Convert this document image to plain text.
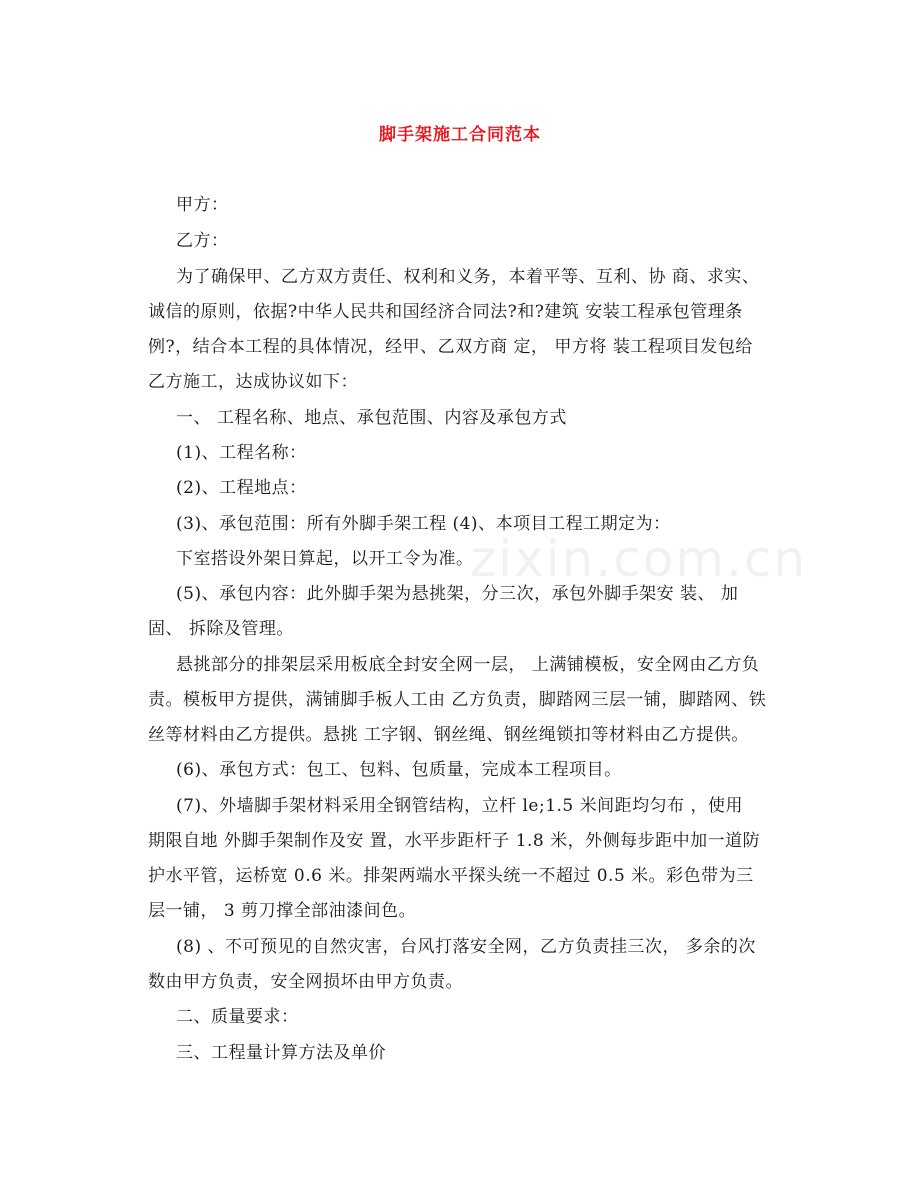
脚手架施工合同范本
zixin.com.cn
甲方：
乙方：
为了确保甲、乙方双方责任、权利和义务，本着平等、互利、协 商、求实、
诚信的原则，依据?中华人民共和国经济合同法?和?建筑 安装工程承包管理条
例?，结合本工程的具体情况，经甲、乙双方商 定， 甲方将 装工程项目发包给
乙方施工，达成协议如下：
一、 工程名称、地点、承包范围、内容及承包方式
(1)、工程名称：
(2)、工程地点：
(3)、承包范围：所有外脚手架工程 (4)、本项目工程工期定为：
下室搭设外架日算起，以开工令为准。
(5)、承包内容：此外脚手架为悬挑架，分三次，承包外脚手架安 装、 加
固、 拆除及管理。
悬挑部分的排架层采用板底全封安全网一层， 上满铺模板，安全网由乙方负
责。模板甲方提供，满铺脚手板人工由 乙方负责，脚踏网三层一铺，脚踏网、铁
丝等材料由乙方提供。悬挑 工字钢、钢丝绳、钢丝绳锁扣等材料由乙方提供。
(6)、承包方式：包工、包料、包质量，完成本工程项目。
(7)、外墙脚手架材料采用全钢管结构，立杆 le;1.5 米间距均匀布 ，使用
期限自地 外脚手架制作及安 置，水平步距杆子 1.8 米，外侧每步距中加一道防
护水平管，运桥宽 0.6 米。排架两端水平探头统一不超过 0.5 米。彩色带为三
层一铺， 3 剪刀撑全部油漆间色。
(8) 、不可预见的自然灾害，台风打落安全网，乙方负责挂三次， 多余的次
数由甲方负责，安全网损坏由甲方负责。
二、质量要求：
三、工程量计算方法及单价
